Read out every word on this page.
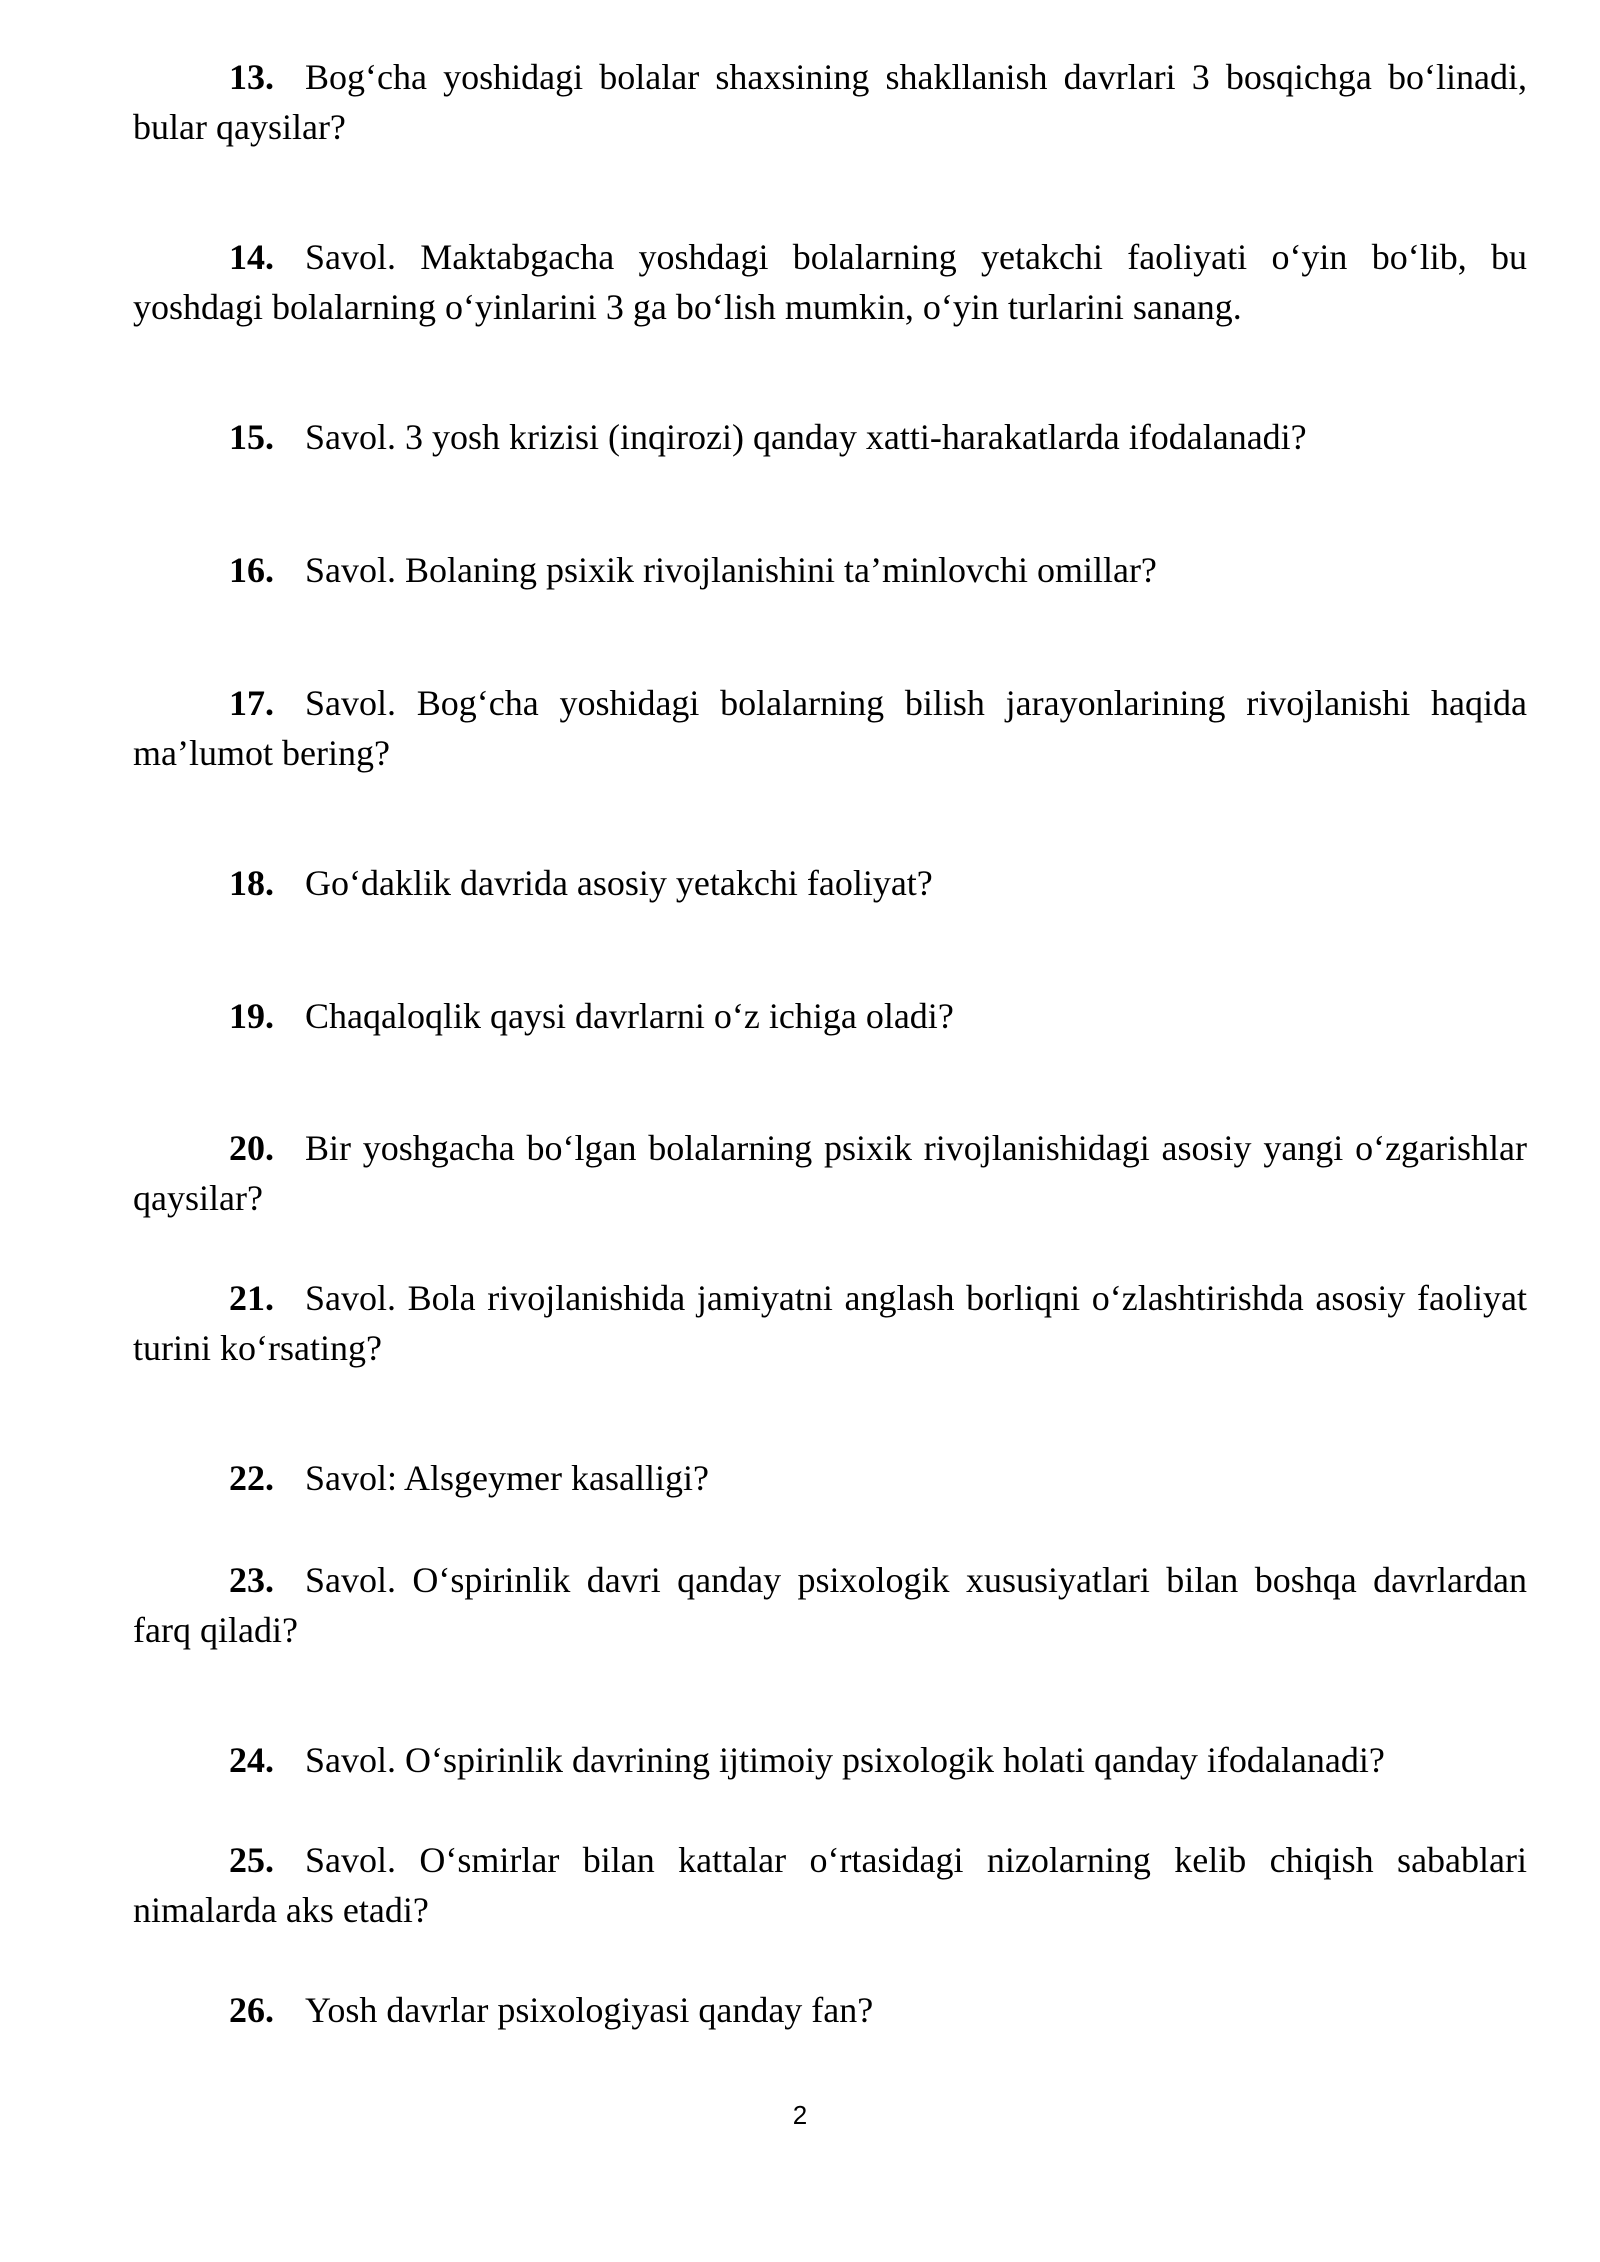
13. Bog‘cha yoshidagi bolalar shaxsining shakllanish davrlari 3 bosqichga bo‘linadi, bular qaysilar?

14. Savol. Maktabgacha yoshdagi bolalarning yetakchi faoliyati o‘yin bo‘lib, bu yoshdagi bolalarning o‘yinlarini 3 ga bo‘lish mumkin, o‘yin turlarini sanang.

15. Savol. 3 yosh krizisi (inqirozi) qanday xatti-harakatlarda ifodalanadi?

16. Savol. Bolaning psixik rivojlanishini ta’minlovchi omillar?

17. Savol. Bog‘cha yoshidagi bolalarning bilish jarayonlarining rivojlanishi haqida ma’lumot bering?

18. Go‘daklik davrida asosiy yetakchi faoliyat?

19. Chaqaloqlik qaysi davrlarni o‘z ichiga oladi?

20. Bir yoshgacha bo‘lgan bolalarning psixik rivojlanishidagi asosiy yangi o‘zgarishlar qaysilar?

21. Savol. Bola rivojlanishida jamiyatni anglash borliqni o‘zlashtirishda asosiy faoliyat turini ko‘rsating?

22. Savol: Alsgeymer kasalligi?

23. Savol. O‘spirinlik davri qanday psixologik xususiyatlari bilan boshqa davrlardan farq qiladi?

24. Savol. O‘spirinlik davrining ijtimoiy psixologik holati qanday ifodalanadi?

25. Savol. O‘smirlar bilan kattalar o‘rtasidagi nizolarning kelib chiqish sabablari nimalarda aks etadi?

26. Yosh davrlar psixologiyasi qanday fan?

2
